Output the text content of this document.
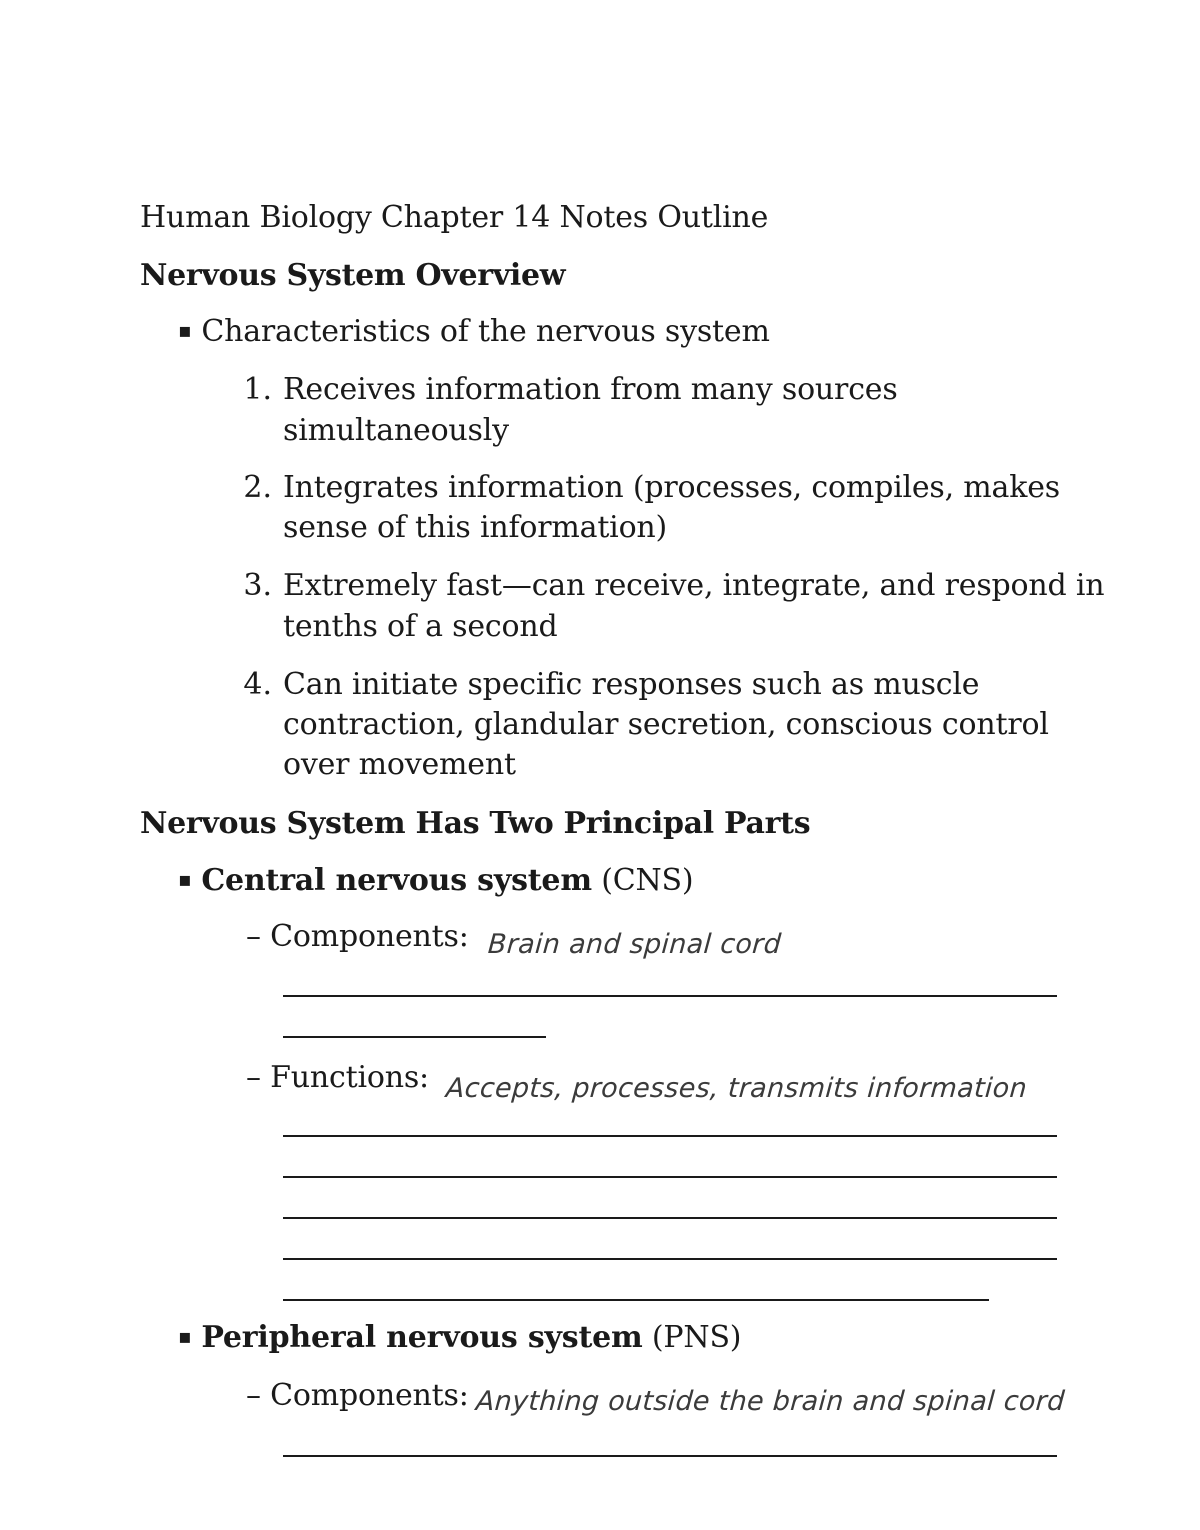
Human Biology Chapter 14 Notes Outline
Nervous System Overview
▪ Characteristics of the nervous system
1. Receives information from many sources
simultaneously
2. Integrates information (processes, compiles, makes
sense of this information)
3. Extremely fast—can receive, integrate, and respond in
tenths of a second
4. Can initiate specific responses such as muscle
contraction, glandular secretion, conscious control
over movement
Nervous System Has Two Principal Parts
▪ Central nervous system (CNS)
– Components: Brain and spinal cord
– Functions: Accepts, processes, transmits information
▪ Peripheral nervous system (PNS)
– Components: Anything outside the brain and spinal cord
